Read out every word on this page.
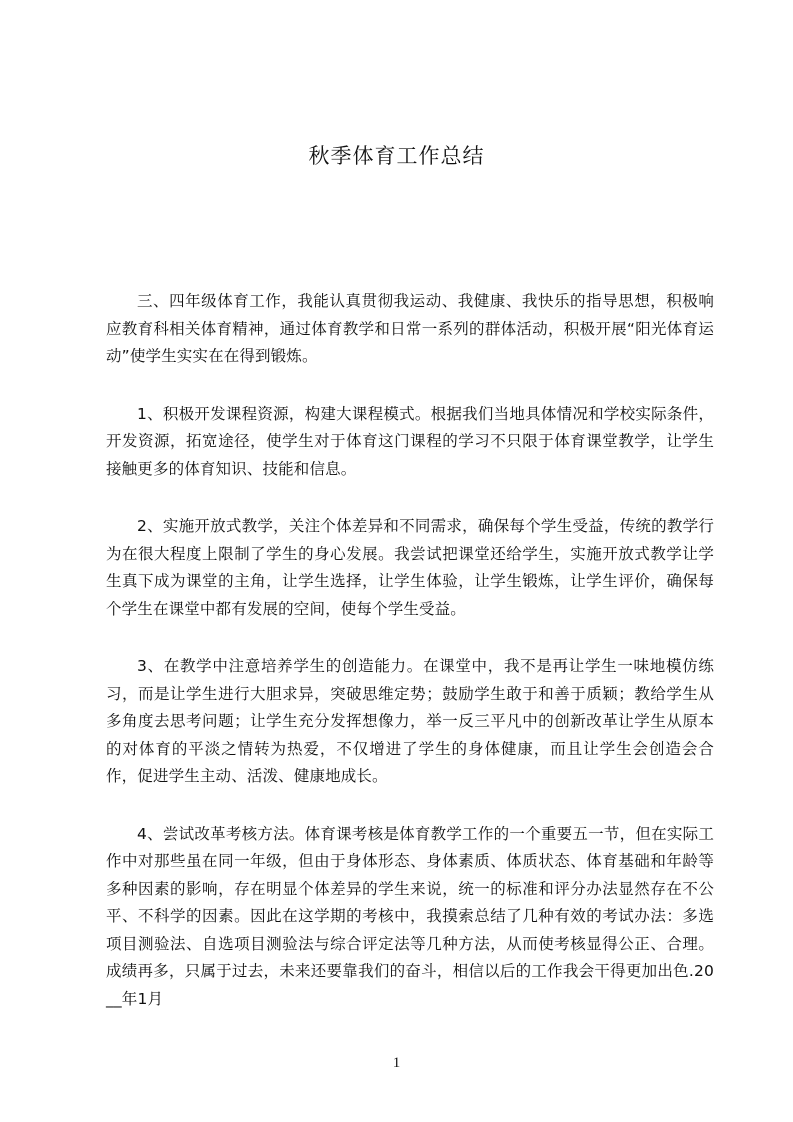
秋季体育工作总结

三、四年级体育工作，我能认真贯彻我运动、我健康、我快乐的指导思想，积极响应教育科相关体育精神，通过体育教学和日常一系列的群体活动，积极开展“阳光体育运动”使学生实实在在得到锻炼。

1、积极开发课程资源，构建大课程模式。根据我们当地具体情况和学校实际条件，开发资源，拓宽途径，使学生对于体育这门课程的学习不只限于体育课堂教学，让学生接触更多的体育知识、技能和信息。

2、实施开放式教学，关注个体差异和不同需求，确保每个学生受益，传统的教学行为在很大程度上限制了学生的身心发展。我尝试把课堂还给学生，实施开放式教学让学生真下成为课堂的主角，让学生选择，让学生体验，让学生锻炼，让学生评价，确保每个学生在课堂中都有发展的空间，使每个学生受益。

3、在教学中注意培养学生的创造能力。在课堂中，我不是再让学生一味地模仿练习，而是让学生进行大胆求异，突破思维定势；鼓励学生敢于和善于质颖；教给学生从多角度去思考问题；让学生充分发挥想像力，举一反三平凡中的创新改革让学生从原本的对体育的平淡之情转为热爱，不仅增进了学生的身体健康，而且让学生会创造会合作，促进学生主动、活泼、健康地成长。

4、尝试改革考核方法。体育课考核是体育教学工作的一个重要五一节，但在实际工作中对那些虽在同一年级，但由于身体形态、身体素质、体质状态、体育基础和年龄等多种因素的影响，存在明显个体差异的学生来说，统一的标准和评分办法显然存在不公平、不科学的因素。因此在这学期的考核中，我摸索总结了几种有效的考试办法：多选项目测验法、自选项目测验法与综合评定法等几种方法，从而使考核显得公正、合理。成绩再多，只属于过去，未来还要靠我们的奋斗，相信以后的工作我会干得更加出色.20__年1月

1
